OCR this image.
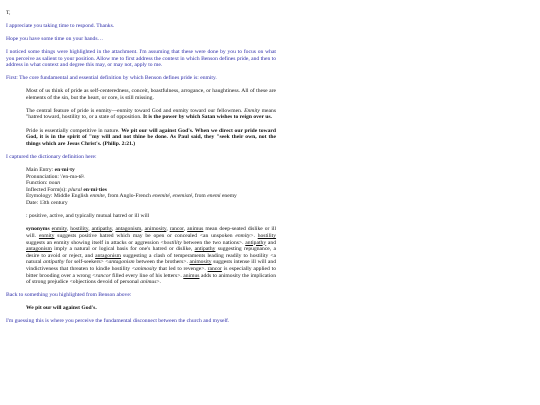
T,

I appreciate you taking time to respond. Thanks.

Hope you have some time on your hands…

I noticed some things were highlighted in the attachment. I'm assuming that these were done by you to focus on what you perceive as salient to your position. Allow me to first address the context in which Benson defines pride, and then to address in what context and degree this may, or may not, apply to me.

First: The core fundamental and essential definition by which Benson defines pride is: enmity.

Most of us think of pride as self-centeredness, conceit, boastfulness, arrogance, or haughtiness. All of these are elements of the sin, but the heart, or core, is still missing.

The central feature of pride is enmity—enmity toward God and enmity toward our fellowmen. Enmity means "hatred toward, hostility to, or a state of opposition. It is the power by which Satan wishes to reign over us.

Pride is essentially competitive in nature. We pit our will against God's. When we direct our pride toward God, it is in the spirit of "my will and not thine be done. As Paul said, they "seek their own, not the things which are Jesus Christ's. (Philip. 2:21.)

I captured the dictionary definition here:

Main Entry: en·mi·ty
Pronunciation: \'en-mə-tē\
Function: noun
Inflected Form(s): plural en·mi·ties
Etymology: Middle English enmite, from Anglo-French enemité, enemisté, from enemi enemy
Date: 13th century

: positive, active, and typically mutual hatred or ill will

synonyms enmity, hostility, antipathy, antagonism, animosity, rancor, animus mean deep-seated dislike or ill will. enmity suggests positive hatred which may be open or concealed <an unspoken enmity>. hostility suggests an enmity showing itself in attacks or aggression <hostility between the two nations>. antipathy and antagonism imply a natural or logical basis for one's hatred or dislike, antipathy suggesting repugnance, a desire to avoid or reject, and antagonism suggesting a clash of temperaments leading readily to hostility <a natural antipathy for self-seekers> <antagonism between the brothers>. animosity suggests intense ill will and vindictiveness that threaten to kindle hostility <animosity that led to revenge>. rancor is especially applied to bitter brooding over a wrong <rancor filled every line of his letters>. animus adds to animosity the implication of strong prejudice <objections devoid of personal animus>.

Back to something you highlighted from Benson above:

We pit our will against God's.

I'm guessing this is where you perceive the fundamental disconnect between the church and myself.
